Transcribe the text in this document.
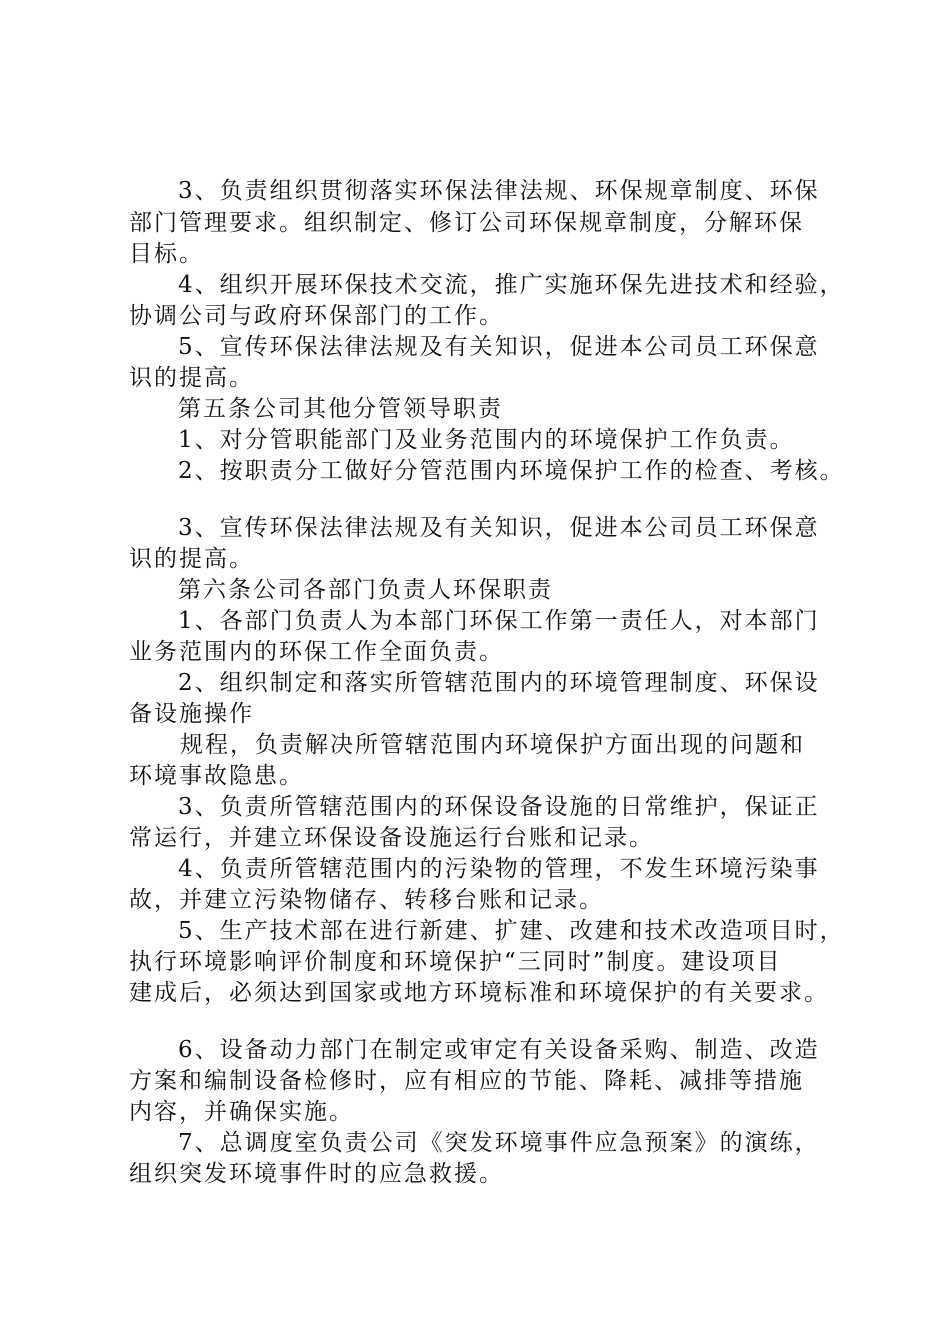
3、负责组织贯彻落实环保法律法规、环保规章制度、环保
部门管理要求。组织制定、修订公司环保规章制度，分解环保
目标。
4、组织开展环保技术交流，推广实施环保先进技术和经验，
协调公司与政府环保部门的工作。
5、宣传环保法律法规及有关知识，促进本公司员工环保意
识的提高。
第五条公司其他分管领导职责
1、对分管职能部门及业务范围内的环境保护工作负责。
2、按职责分工做好分管范围内环境保护工作的检查、考核。
3、宣传环保法律法规及有关知识，促进本公司员工环保意
识的提高。
第六条公司各部门负责人环保职责
1、各部门负责人为本部门环保工作第一责任人，对本部门
业务范围内的环保工作全面负责。
2、组织制定和落实所管辖范围内的环境管理制度、环保设
备设施操作
规程，负责解决所管辖范围内环境保护方面出现的问题和
环境事故隐患。
3、负责所管辖范围内的环保设备设施的日常维护，保证正
常运行，并建立环保设备设施运行台账和记录。
4、负责所管辖范围内的污染物的管理，不发生环境污染事
故，并建立污染物储存、转移台账和记录。
5、生产技术部在进行新建、扩建、改建和技术改造项目时，
执行环境影响评价制度和环境保护“三同时”制度。建设项目
建成后，必须达到国家或地方环境标准和环境保护的有关要求。
6、设备动力部门在制定或审定有关设备采购、制造、改造
方案和编制设备检修时，应有相应的节能、降耗、减排等措施
内容，并确保实施。
7、总调度室负责公司《突发环境事件应急预案》的演练，
组织突发环境事件时的应急救援。
